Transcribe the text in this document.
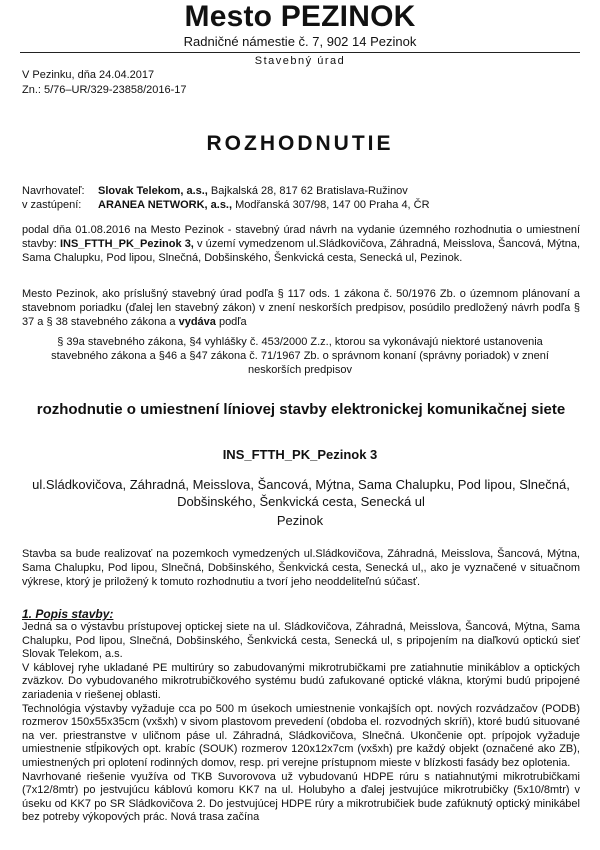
Mesto PEZINOK
Radničné námestie č. 7, 902 14 Pezinok
Stavebný úrad
V Pezinku, dňa 24.04.2017
Zn.: 5/76–UR/329-23858/2016-17
ROZHODNUTIE
Navrhovateľ: Slovak Telekom, a.s., Bajkalská 28, 817 62 Bratislava-Ružinov
v zastúpení: ARANEA NETWORK, a.s., Modřanská 307/98, 147 00 Praha 4, ČR
podal dňa 01.08.2016 na Mesto Pezinok - stavebný úrad návrh na vydanie územného rozhodnutia o umiestnení stavby: INS_FTTH_PK_Pezinok 3, v území vymedzenom ul.Sládkovičova, Záhradná, Meisslova, Šancová, Mýtna, Sama Chalupku, Pod lipou, Slnečná, Dobšinského, Šenkvická cesta, Senecká ul, Pezinok.
Mesto Pezinok, ako príslušný stavebný úrad podľa § 117 ods. 1 zákona č. 50/1976 Zb. o územnom plánovaní a stavebnom poriadku (ďalej len stavebný zákon) v znení neskorších predpisov, posúdilo predložený návrh podľa § 37 a § 38 stavebného zákona a vydáva podľa
§ 39a stavebného zákona, §4 vyhlášky č. 453/2000 Z.z., ktorou sa vykonávajú niektoré ustanovenia stavebného zákona a §46 a §47 zákona č. 71/1967 Zb. o správnom konaní (správny poriadok) v znení neskorších predpisov
rozhodnutie o umiestnení líniovej stavby elektronickej komunikačnej siete
INS_FTTH_PK_Pezinok 3
ul.Sládkovičova, Záhradná, Meisslova, Šancová, Mýtna, Sama Chalupku, Pod lipou, Slnečná, Dobšinského, Šenkvická cesta, Senecká ul
Pezinok
Stavba sa bude realizovať na pozemkoch vymedzených ul.Sládkovičova, Záhradná, Meisslova, Šancová, Mýtna, Sama Chalupku, Pod lipou, Slnečná, Dobšinského, Šenkvická cesta, Senecká ul,, ako je vyznačené v situačnom výkrese, ktorý je priložený k tomuto rozhodnutiu a tvorí jeho neoddeliteľnú súčasť.
1. Popis stavby:

Jedná sa o výstavbu prístupovej optickej siete na ul. Sládkovičova, Záhradná, Meisslova, Šancová, Mýtna, Sama Chalupku, Pod lipou, Slnečná, Dobšinského, Šenkvická cesta, Senecká ul, s pripojením na diaľkovú optickú sieť Slovak Telekom, a.s.

V káblovej ryhe ukladané PE multirúry so zabudovanými mikrotrubičkami pre zatiahnutie minikáblov a optických zväzkov. Do vybudovaného mikrotrubičkového systému budú zafukované optické vlákna, ktorými budú pripojené zariadenia v riešenej oblasti.

Technológia výstavby vyžaduje cca po 500 m úsekoch umiestnenie vonkajších opt. nových rozvádzačov (PODB) rozmerov 150x55x35cm (vxšxh) v sivom plastovom prevedení (obdoba el. rozvodných skríň), ktoré budú situované na ver. priestranstve v uličnom páse ul. Záhradná, Sládkovičova, Slnečná. Ukončenie opt. prípojok vyžaduje umiestnenie stĺpikových opt. krabíc (SOUK) rozmerov 120x12x7cm (vxšxh) pre každý objekt (označené ako ZB), umiestnených pri oplotení rodinných domov, resp. pri verejne prístupnom mieste v blízkosti fasády bez oplotenia.

Navrhované riešenie využíva od TKB Suvorovova už vybudovanú HDPE rúru s natiahnutými mikrotrubičkami (7x12/8mtr) po jestvujúcu káblovú komoru KK7 na ul. Holubyho a ďalej jestvujúce mikrotrubičky (5x10/8mtr) v úseku od KK7 po SR Sládkovičova 2. Do jestvujúcej HDPE rúry a mikrotrubičiek bude zafúknutý optický minikábel bez potreby výkopových prác. Nová trasa začína
